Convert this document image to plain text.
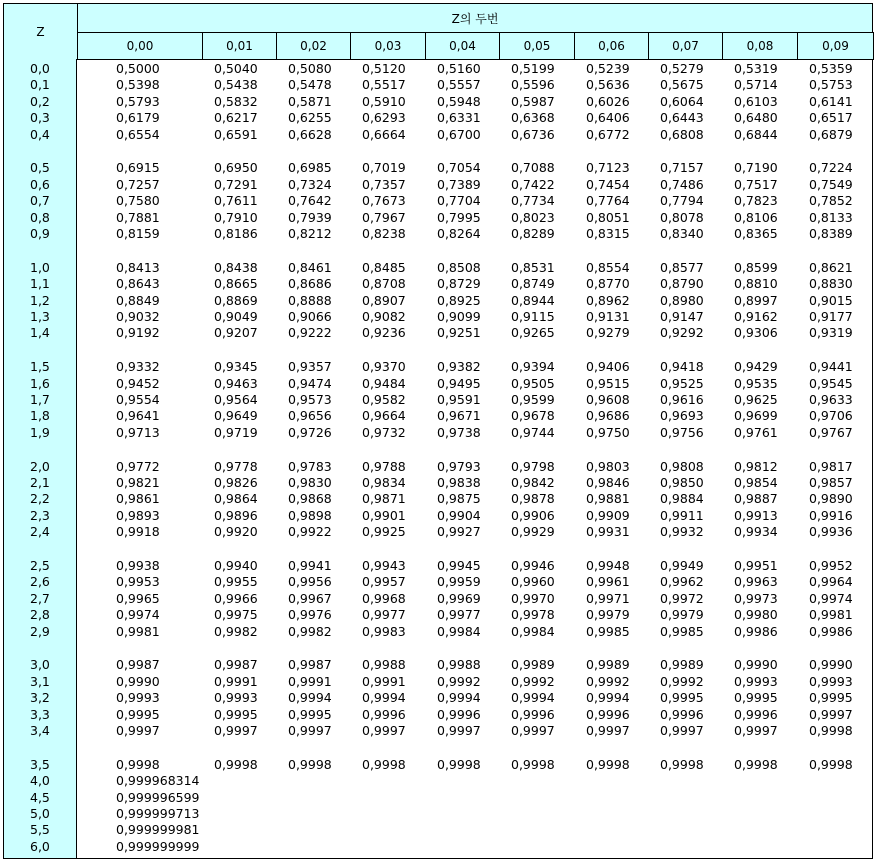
Z
Z의 두번
0,00	0,01	0,02	0,03	0,04	0,05	0,06	0,07	0,08	0,09
0,0	0,5000	0,5040 0,5080 0,5120	0,5160 0,5199	0,5239 0,5279 0,5319	0,5359
0,1	0,5398	0,5438 0,5478 0,5517	0,5557 0,5596	0,5636 0,5675 0,5714	0,5753
0,2	0,5793	0,5832 0,5871 0,5910	0,5948 0,5987	0,6026 0,6064 0,6103	0,6141
0,3	0,6179	0,6217 0,6255 0,6293	0,6331 0,6368	0,6406 0,6443 0,6480	0,6517
0,4	0,6554	0,6591 0,6628 0,6664	0,6700 0,6736	0,6772 0,6808 0,6844	0,6879
0,5	0,6915	0,6950 0,6985 0,7019	0,7054 0,7088	0,7123 0,7157 0,7190	0,7224
0,6	0,7257	0,7291 0,7324 0,7357	0,7389 0,7422	0,7454 0,7486 0,7517	0,7549
0,7	0,7580	0,7611 0,7642 0,7673	0,7704 0,7734	0,7764 0,7794 0,7823	0,7852
0,8	0,7881	0,7910 0,7939 0,7967	0,7995 0,8023	0,8051 0,8078 0,8106	0,8133
0,9	0,8159	0,8186 0,8212 0,8238	0,8264 0,8289	0,8315 0,8340 0,8365	0,8389
1,0	0,8413	0,8438 0,8461 0,8485	0,8508 0,8531	0,8554 0,8577 0,8599	0,8621
1,1	0,8643	0,8665 0,8686 0,8708	0,8729 0,8749	0,8770 0,8790 0,8810	0,8830
1,2	0,8849	0,8869 0,8888 0,8907	0,8925 0,8944	0,8962 0,8980 0,8997	0,9015
1,3	0,9032	0,9049 0,9066 0,9082	0,9099 0,9115	0,9131 0,9147 0,9162	0,9177
1,4	0,9192	0,9207 0,9222 0,9236	0,9251 0,9265	0,9279 0,9292 0,9306	0,9319
1,5	0,9332	0,9345 0,9357 0,9370	0,9382 0,9394	0,9406 0,9418 0,9429	0,9441
1,6	0,9452	0,9463 0,9474 0,9484	0,9495 0,9505	0,9515 0,9525 0,9535	0,9545
1,7	0,9554	0,9564 0,9573 0,9582	0,9591 0,9599	0,9608 0,9616 0,9625	0,9633
1,8	0,9641	0,9649 0,9656 0,9664	0,9671 0,9678	0,9686 0,9693 0,9699	0,9706
1,9	0,9713	0,9719 0,9726 0,9732	0,9738 0,9744	0,9750 0,9756 0,9761	0,9767
2,0	0,9772	0,9778 0,9783 0,9788	0,9793 0,9798	0,9803 0,9808 0,9812	0,9817
2,1	0,9821	0,9826 0,9830 0,9834	0,9838 0,9842	0,9846 0,9850 0,9854	0,9857
2,2	0,9861	0,9864 0,9868 0,9871	0,9875 0,9878	0,9881 0,9884 0,9887	0,9890
2,3	0,9893	0,9896 0,9898 0,9901	0,9904 0,9906	0,9909 0,9911 0,9913	0,9916
2,4	0,9918	0,9920 0,9922 0,9925	0,9927 0,9929	0,9931 0,9932 0,9934	0,9936
2,5	0,9938	0,9940 0,9941 0,9943	0,9945 0,9946	0,9948 0,9949 0,9951	0,9952
2,6	0,9953	0,9955 0,9956 0,9957	0,9959 0,9960	0,9961 0,9962 0,9963	0,9964
2,7	0,9965	0,9966 0,9967 0,9968	0,9969 0,9970	0,9971 0,9972 0,9973	0,9974
2,8	0,9974	0,9975 0,9976 0,9977	0,9977 0,9978	0,9979 0,9979 0,9980	0,9981
2,9	0,9981	0,9982 0,9982 0,9983	0,9984 0,9984	0,9985 0,9985 0,9986	0,9986
3,0	0,9987	0,9987 0,9987 0,9988	0,9988 0,9989	0,9989 0,9989 0,9990	0,9990
3,1	0,9990	0,9991 0,9991 0,9991	0,9992 0,9992	0,9992 0,9992 0,9993	0,9993
3,2	0,9993	0,9993 0,9994 0,9994	0,9994 0,9994	0,9994 0,9995 0,9995	0,9995
3,3	0,9995	0,9995 0,9995 0,9996	0,9996 0,9996	0,9996 0,9996 0,9996	0,9997
3,4	0,9997	0,9997 0,9997 0,9997	0,9997 0,9997	0,9997 0,9997 0,9997	0,9998
3,5	0,9998	0,9998 0,9998 0,9998	0,9998 0,9998	0,9998 0,9998 0,9998	0,9998
4,0	0,999968314
4,5	0,999996599
5,0	0,999999713
5,5	0,999999981
6,0	0,999999999
